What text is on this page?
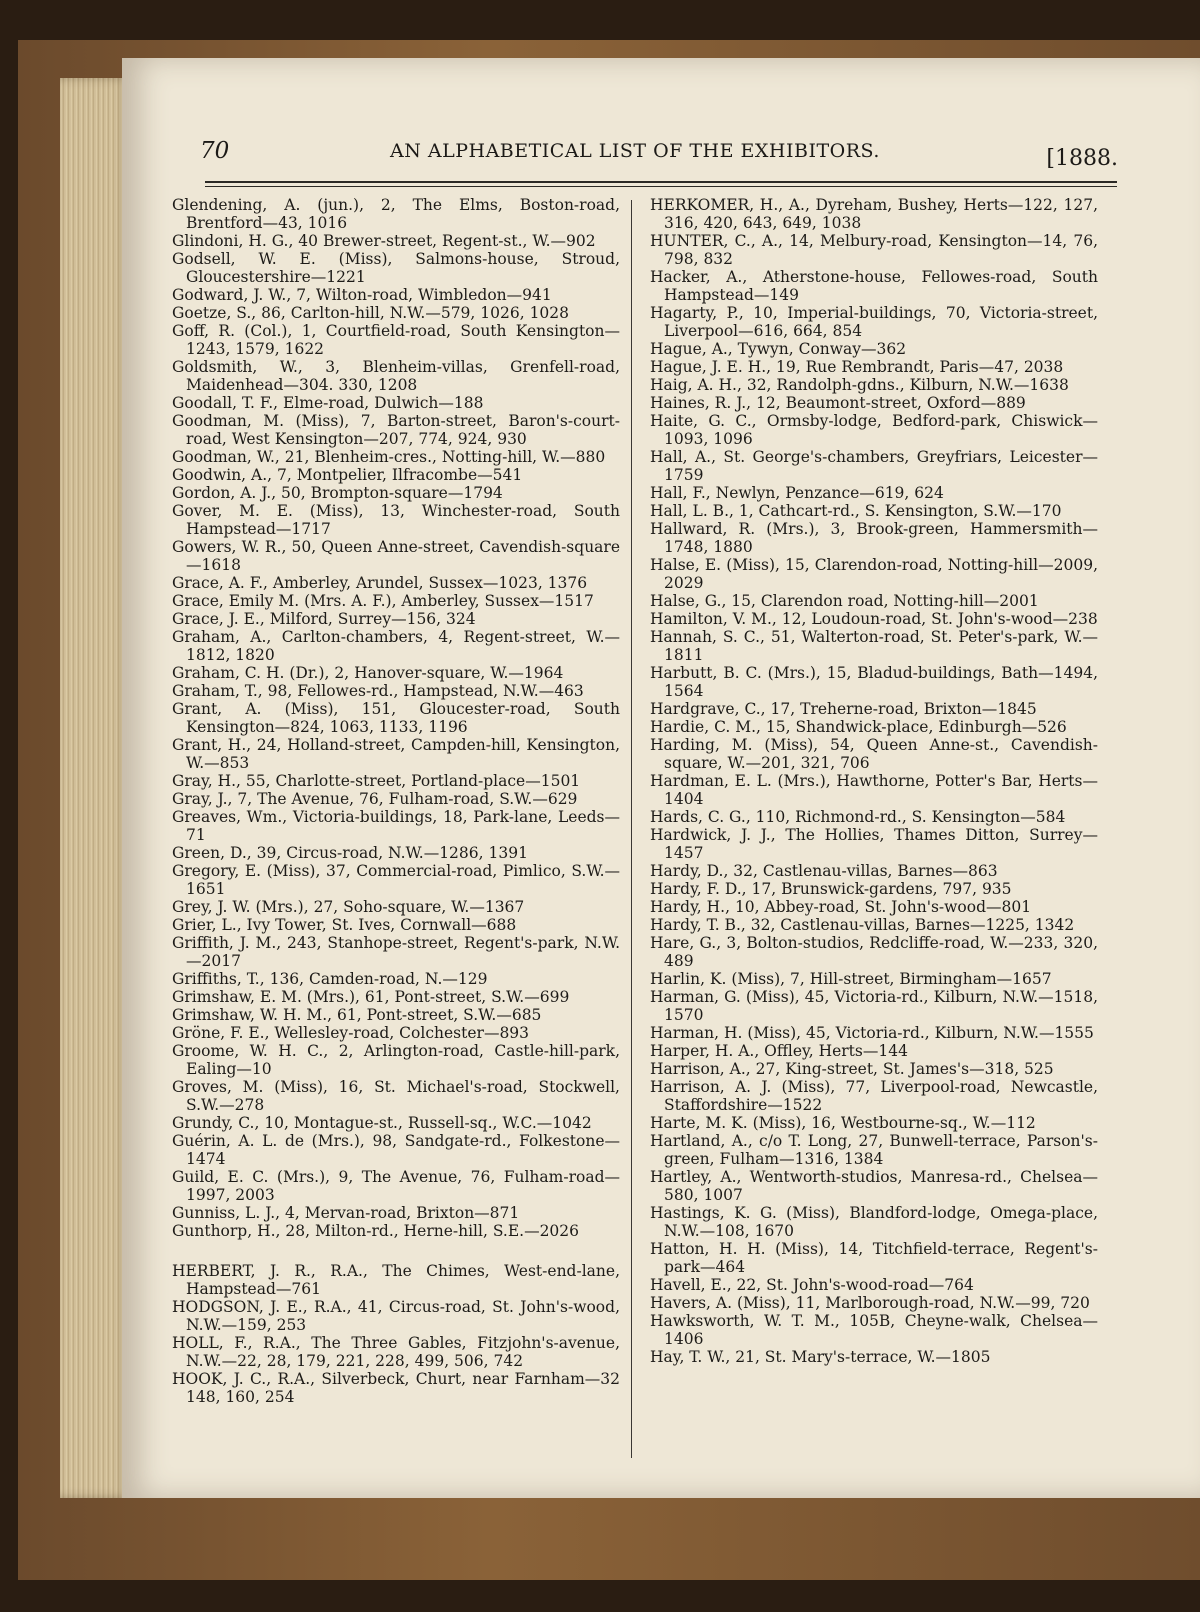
70	AN ALPHABETICAL LIST OF THE EXHIBITORS.	[1888.

Glendening, A. (jun.), 2, The Elms, Boston-road, Brentford—43, 1016

Glindoni, H. G., 40 Brewer-street, Regent-st., W.—902

Godsell, W. E. (Miss), Salmons-house, Stroud, Gloucestershire—1221

Godward, J. W., 7, Wilton-road, Wimbledon—941

Goetze, S., 86, Carlton-hill, N.W.—579, 1026, 1028

Goff, R. (Col.), 1, Courtfield-road, South Kensington—1243, 1579, 1622

Goldsmith, W., 3, Blenheim-villas, Grenfell-road, Maidenhead—304. 330, 1208

Goodall, T. F., Elme-road, Dulwich—188

Goodman, M. (Miss), 7, Barton-street, Baron's-court-road, West Kensington—207, 774, 924, 930

Goodman, W., 21, Blenheim-cres., Notting-hill, W.—880

Goodwin, A., 7, Montpelier, Ilfracombe—541

Gordon, A. J., 50, Brompton-square—1794

Gover, M. E. (Miss), 13, Winchester-road, South Hampstead—1717

Gowers, W. R., 50, Queen Anne-street, Cavendish-square—1618

Grace, A. F., Amberley, Arundel, Sussex—1023, 1376

Grace, Emily M. (Mrs. A. F.), Amberley, Sussex—1517

Grace, J. E., Milford, Surrey—156, 324

Graham, A., Carlton-chambers, 4, Regent-street, W.—1812, 1820

Graham, C. H. (Dr.), 2, Hanover-square, W.—1964

Graham, T., 98, Fellowes-rd., Hampstead, N.W.—463

Grant, A. (Miss), 151, Gloucester-road, South Kensington—824, 1063, 1133, 1196

Grant, H., 24, Holland-street, Campden-hill, Kensington, W.—853

Gray, H., 55, Charlotte-street, Portland-place—1501

Gray, J., 7, The Avenue, 76, Fulham-road, S.W.—629

Greaves, Wm., Victoria-buildings, 18, Park-lane, Leeds—71

Green, D., 39, Circus-road, N.W.—1286, 1391

Gregory, E. (Miss), 37, Commercial-road, Pimlico, S.W.—1651

Grey, J. W. (Mrs.), 27, Soho-square, W.—1367

Grier, L., Ivy Tower, St. Ives, Cornwall—688

Griffith, J. M., 243, Stanhope-street, Regent's-park, N.W.—2017

Griffiths, T., 136, Camden-road, N.—129

Grimshaw, E. M. (Mrs.), 61, Pont-street, S.W.—699

Grimshaw, W. H. M., 61, Pont-street, S.W.—685

Gröne, F. E., Wellesley-road, Colchester—893

Groome, W. H. C., 2, Arlington-road, Castle-hill-park, Ealing—10

Groves, M. (Miss), 16, St. Michael's-road, Stockwell, S.W.—278

Grundy, C., 10, Montague-st., Russell-sq., W.C.—1042

Guérin, A. L. de (Mrs.), 98, Sandgate-rd., Folkestone—1474

Guild, E. C. (Mrs.), 9, The Avenue, 76, Fulham-road—1997, 2003

Gunniss, L. J., 4, Mervan-road, Brixton—871

Gunthorp, H., 28, Milton-rd., Herne-hill, S.E.—2026

HERBERT, J. R., R.A., The Chimes, West-end-lane, Hampstead—761

HODGSON, J. E., R.A., 41, Circus-road, St. John's-wood, N.W.—159, 253

HOLL, F., R.A., The Three Gables, Fitzjohn's-avenue, N.W.—22, 28, 179, 221, 228, 499, 506, 742

HOOK, J. C., R.A., Silverbeck, Churt, near Farnham—32 148, 160, 254

HERKOMER, H., A., Dyreham, Bushey, Herts—122, 127, 316, 420, 643, 649, 1038

HUNTER, C., A., 14, Melbury-road, Kensington—14, 76, 798, 832

Hacker, A., Atherstone-house, Fellowes-road, South Hampstead—149

Hagarty, P., 10, Imperial-buildings, 70, Victoria-street, Liverpool—616, 664, 854

Hague, A., Tywyn, Conway—362

Hague, J. E. H., 19, Rue Rembrandt, Paris—47, 2038

Haig, A. H., 32, Randolph-gdns., Kilburn, N.W.—1638

Haines, R. J., 12, Beaumont-street, Oxford—889

Haite, G. C., Ormsby-lodge, Bedford-park, Chiswick—1093, 1096

Hall, A., St. George's-chambers, Greyfriars, Leicester—1759

Hall, F., Newlyn, Penzance—619, 624

Hall, L. B., 1, Cathcart-rd., S. Kensington, S.W.—170

Hallward, R. (Mrs.), 3, Brook-green, Hammersmith—1748, 1880

Halse, E. (Miss), 15, Clarendon-road, Notting-hill—2009, 2029

Halse, G., 15, Clarendon road, Notting-hill—2001

Hamilton, V. M., 12, Loudoun-road, St. John's-wood—238

Hannah, S. C., 51, Walterton-road, St. Peter's-park, W.—1811

Harbutt, B. C. (Mrs.), 15, Bladud-buildings, Bath—1494, 1564

Hardgrave, C., 17, Treherne-road, Brixton—1845

Hardie, C. M., 15, Shandwick-place, Edinburgh—526

Harding, M. (Miss), 54, Queen Anne-st., Cavendish-square, W.—201, 321, 706

Hardman, E. L. (Mrs.), Hawthorne, Potter's Bar, Herts—1404

Hards, C. G., 110, Richmond-rd., S. Kensington—584

Hardwick, J. J., The Hollies, Thames Ditton, Surrey—1457

Hardy, D., 32, Castlenau-villas, Barnes—863

Hardy, F. D., 17, Brunswick-gardens, 797, 935

Hardy, H., 10, Abbey-road, St. John's-wood—801

Hardy, T. B., 32, Castlenau-villas, Barnes—1225, 1342

Hare, G., 3, Bolton-studios, Redcliffe-road, W.—233, 320, 489

Harlin, K. (Miss), 7, Hill-street, Birmingham—1657

Harman, G. (Miss), 45, Victoria-rd., Kilburn, N.W.—1518, 1570

Harman, H. (Miss), 45, Victoria-rd., Kilburn, N.W.—1555

Harper, H. A., Offley, Herts—144

Harrison, A., 27, King-street, St. James's—318, 525

Harrison, A. J. (Miss), 77, Liverpool-road, Newcastle, Staffordshire—1522

Harte, M. K. (Miss), 16, Westbourne-sq., W.—112

Hartland, A., c/o T. Long, 27, Bunwell-terrace, Parson's-green, Fulham—1316, 1384

Hartley, A., Wentworth-studios, Manresa-rd., Chelsea—580, 1007

Hastings, K. G. (Miss), Blandford-lodge, Omega-place, N.W.—108, 1670

Hatton, H. H. (Miss), 14, Titchfield-terrace, Regent's-park—464

Havell, E., 22, St. John's-wood-road—764

Havers, A. (Miss), 11, Marlborough-road, N.W.—99, 720

Hawksworth, W. T. M., 105B, Cheyne-walk, Chelsea—1406

Hay, T. W., 21, St. Mary's-terrace, W.—1805
